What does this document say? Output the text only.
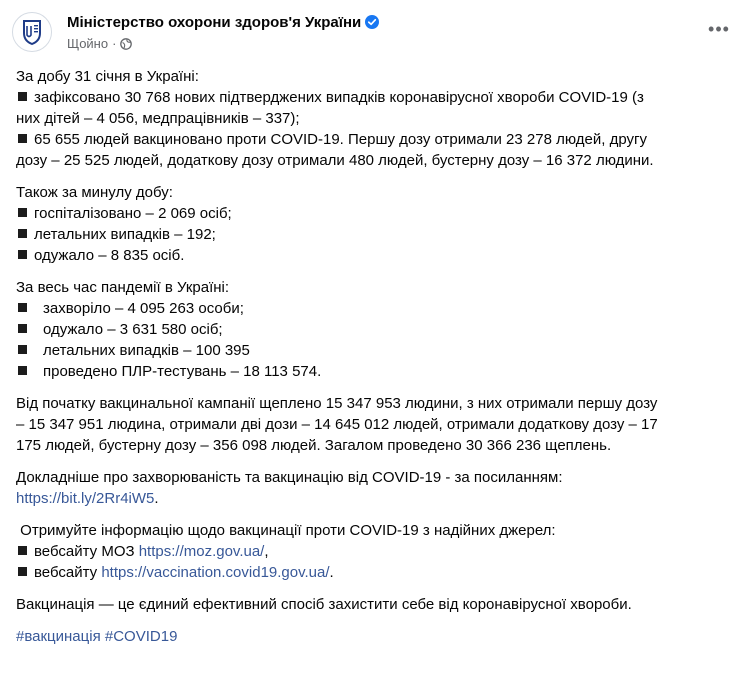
Міністерство охорони здоров'я України
Щойно ·
•••
За добу 31 січня в Україні:
зафіксовано 30 768 нових підтверджених випадків коронавірусної хвороби COVID-19 (з
них дітей – 4 056, медпрацівників – 337);
65 655 людей вакциновано проти COVID-19. Першу дозу отримали 23 278 людей, другу
дозу – 25 525 людей, додаткову дозу отримали 480 людей, бустерну дозу – 16 372 людини.
Також за минулу добу:
госпіталізовано – 2 069 осіб;
летальних випадків – 192;
одужало – 8 835 осіб.
За весь час пандемії в Україні:
захворіло – 4 095 263 особи;
одужало – 3 631 580 осіб;
летальних випадків – 100 395
проведено ПЛР-тестувань – 18 113 574.
Від початку вакцинальної кампанії щеплено 15 347 953 людини, з них отримали першу дозу
– 15 347 951 людина, отримали дві дози – 14 645 012 людей, отримали додаткову дозу – 17
175 людей, бустерну дозу – 356 098 людей. Загалом проведено 30 366 236 щеплень.
Докладніше про захворюваність та вакцинацію від COVID-19 - за посиланням:
https://bit.ly/2Rr4iW5.
Отримуйте інформацію щодо вакцинації проти COVID-19 з надійних джерел:
вебсайту МОЗ https://moz.gov.ua/,
вебсайту https://vaccination.covid19.gov.ua/.
Вакцинація — це єдиний ефективний спосіб захистити себе від коронавірусної хвороби.
#вакцинація #COVID19
